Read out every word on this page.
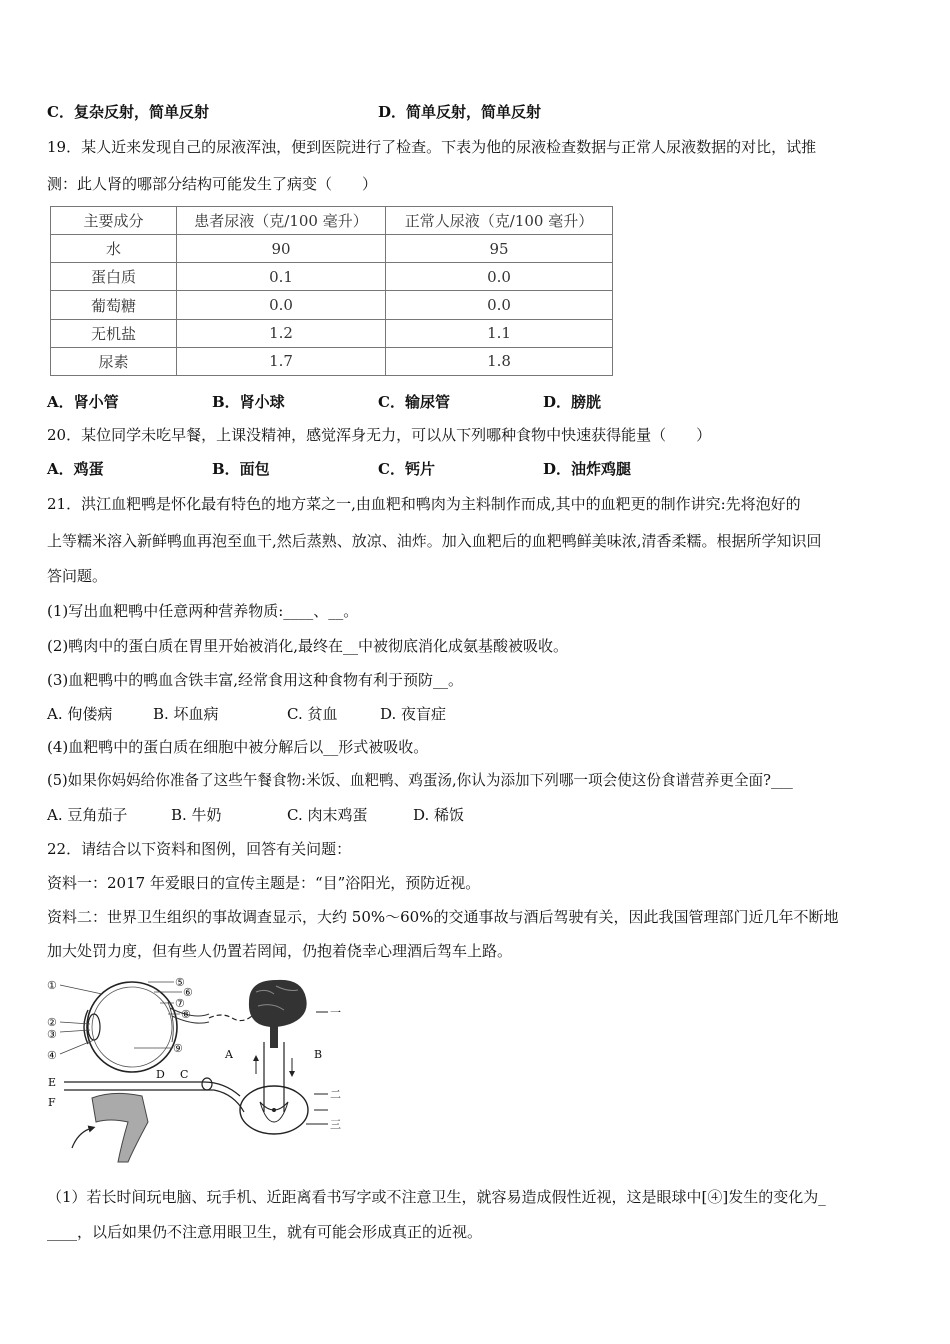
C．复杂反射，简单反射	D．简单反射，简单反射
19．某人近来发现自己的尿液浑浊，便到医院进行了检查。下表为他的尿液检查数据与正常人尿液数据的对比，试推
测：此人肾的哪部分结构可能发生了病变（　　）
主要成分	患者尿液（克/100 毫升）	正常人尿液（克/100 毫升）
水	90	95
蛋白质	0.1	0.0
葡萄糖	0.0	0.0
无机盐	1.2	1.1
尿素	1.7	1.8
A．肾小管	B．肾小球	C．输尿管	D．膀胱
20．某位同学未吃早餐，上课没精神，感觉浑身无力，可以从下列哪种食物中快速获得能量（　　）
A．鸡蛋	B．面包	C．钙片	D．油炸鸡腿
21．洪江血粑鸭是怀化最有特色的地方菜之一,由血粑和鸭肉为主料制作而成,其中的血粑更的制作讲究:先将泡好的
上等糯米溶入新鲜鸭血再泡至血干,然后蒸熟、放凉、油炸。加入血粑后的血粑鸭鲜美味浓,清香柔糯。根据所学知识回
答问题。
(1)写出血粑鸭中任意两种营养物质:____、__。
(2)鸭肉中的蛋白质在胃里开始被消化,最终在__中被彻底消化成氨基酸被吸收。
(3)血粑鸭中的鸭血含铁丰富,经常食用这种食物有利于预防__。
A. 佝偻病	B. 坏血病	C. 贫血	D. 夜盲症
(4)血粑鸭中的蛋白质在细胞中被分解后以__形式被吸收。
(5)如果你妈妈给你准备了这些午餐食物:米饭、血粑鸭、鸡蛋汤,你认为添加下列哪一项会使这份食谱营养更全面?___
A. 豆角茄子	B. 牛奶	C. 肉末鸡蛋	D. 稀饭
22．请结合以下资料和图例，回答有关问题：
资料一：2017 年爱眼日的宣传主题是：“目”浴阳光，预防近视。
资料二：世界卫生组织的事故调查显示，大约 50%～60%的交通事故与酒后驾驶有关，因此我国管理部门近几年不断地
加大处罚力度，但有些人仍置若罔闻，仍抱着侥幸心理酒后驾车上路。
①
②
③
④
⑤
⑥
⑦
⑧
⑨	A	B
D C
E
F
一
二
三
（1）若长时间玩电脑、玩手机、近距离看书写字或不注意卫生，就容易造成假性近视，这是眼球中[④]发生的变化为_
____，以后如果仍不注意用眼卫生，就有可能会形成真正的近视。
